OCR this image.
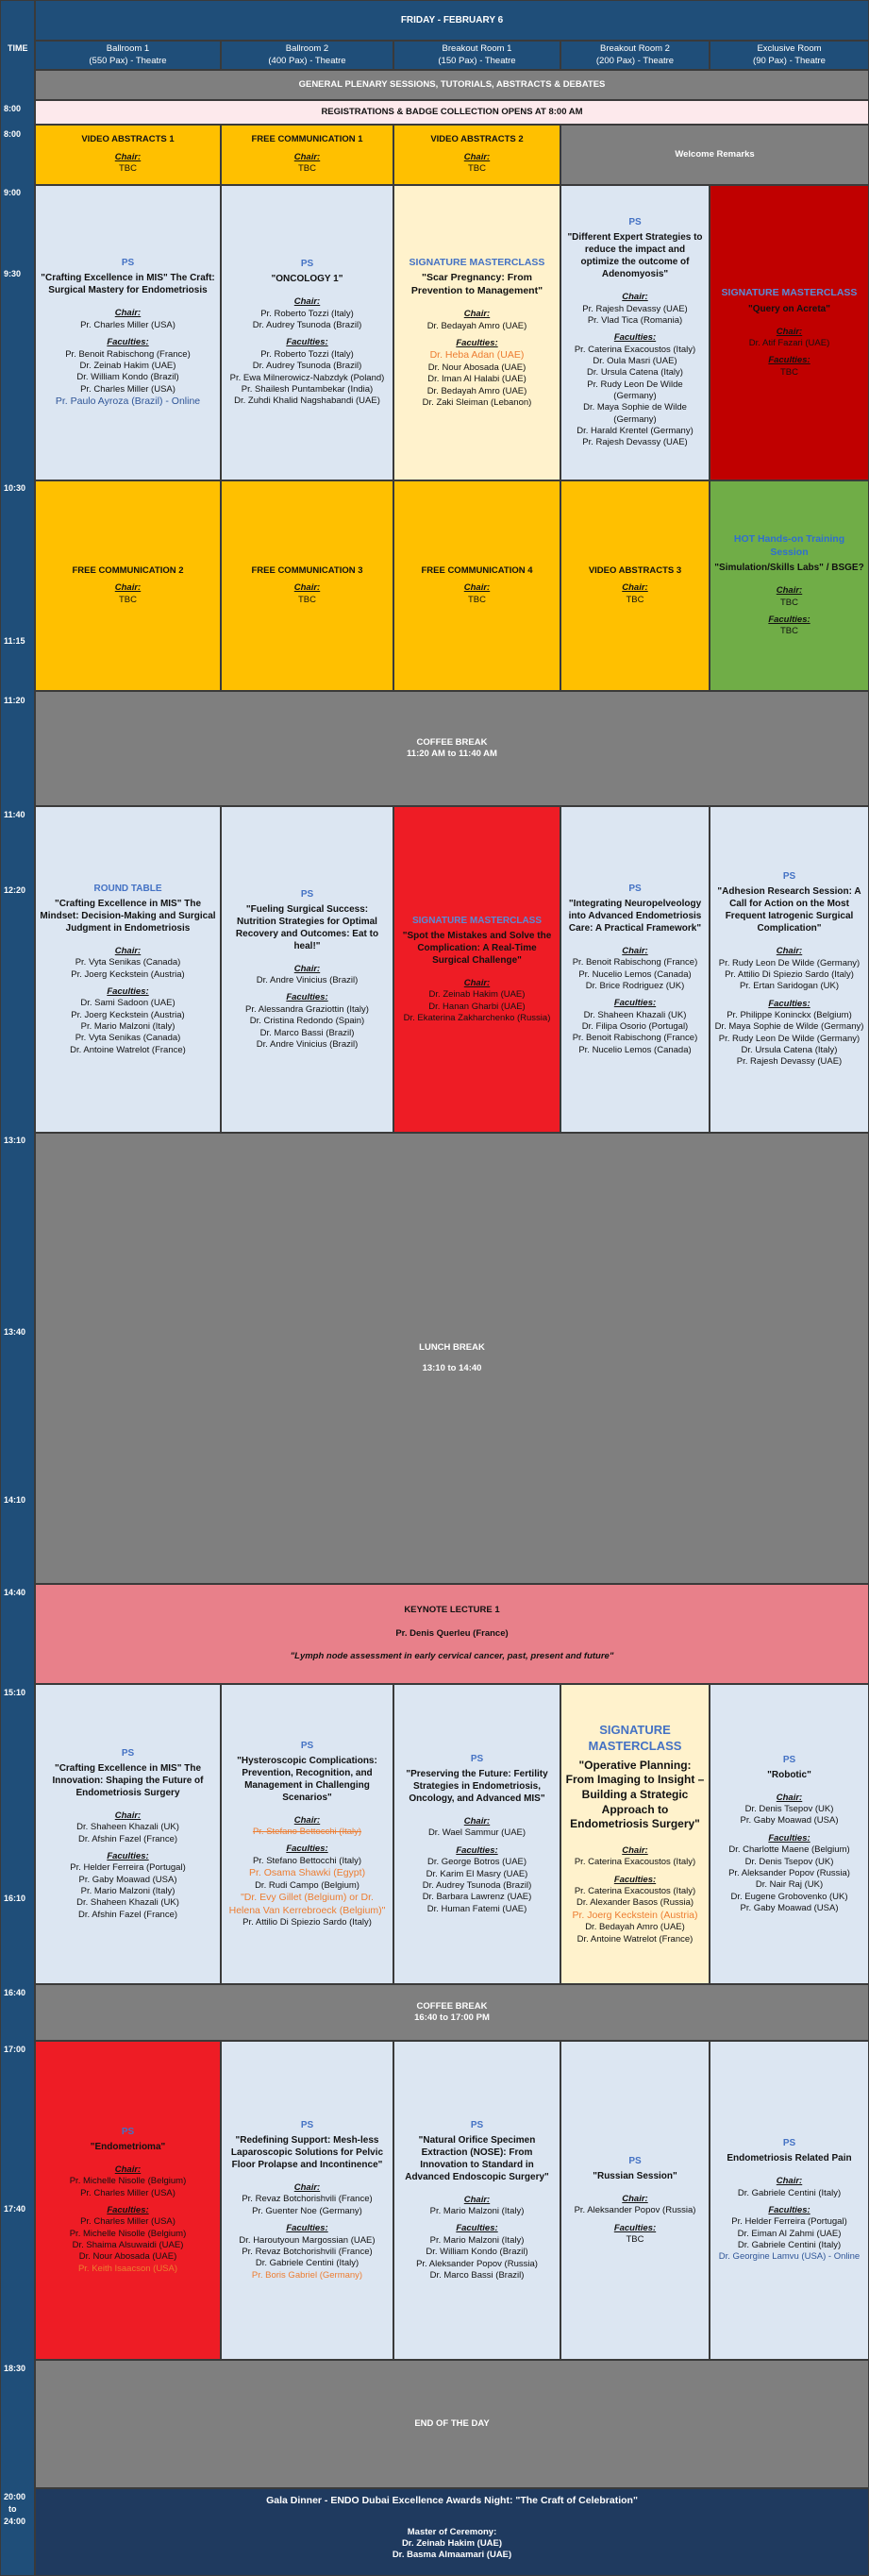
TIME
8:00
8:00
9:00
9:30
10:30
11:15
11:20
11:40
12:20
13:10
13:40
14:10
14:40
15:10
16:10
16:40
17:00
17:40
18:30
20:00
to
24:00
FRIDAY - FEBRUARY 6
Ballroom 1
(550 Pax) - Theatre
Ballroom 2
(400 Pax) - Theatre
Breakout Room 1
(150 Pax) - Theatre
Breakout Room 2
(200 Pax) - Theatre
Exclusive Room
(90 Pax) - Theatre
GENERAL PLENARY SESSIONS, TUTORIALS, ABSTRACTS & DEBATES
REGISTRATIONS & BADGE COLLECTION OPENS AT 8:00 AM
VIDEO ABSTRACTS 1
Chair:
TBC
FREE COMMUNICATION 1
Chair:
TBC
VIDEO ABSTRACTS 2
Chair:
TBC
Welcome Remarks
PS
"Crafting Excellence in MIS" The Craft: Surgical Mastery for Endometriosis
Chair:
Pr. Charles Miller (USA)
Faculties:
Pr. Benoit Rabischong (France)
Dr. Zeinab Hakim (UAE)
Dr. William Kondo (Brazil)
Pr. Charles Miller (USA)
Pr. Paulo Ayroza (Brazil) - Online
PS
"ONCOLOGY 1"
Chair:
Pr. Roberto Tozzi (Italy)
Dr. Audrey Tsunoda (Brazil)
Faculties:
Pr. Roberto Tozzi (Italy)
Dr. Audrey Tsunoda (Brazil)
Pr. Ewa Milnerowicz-Nabzdyk (Poland)
Pr. Shailesh Puntambekar (India)
Dr. Zuhdi Khalid Nagshabandi (UAE)
SIGNATURE MASTERCLASS
"Scar Pregnancy: From Prevention to Management"
Chair:
Dr. Bedayah Amro (UAE)
Faculties:
Dr. Heba Adan (UAE)
Dr. Nour Abosada (UAE)
Dr. Iman Al Halabi (UAE)
Dr. Bedayah Amro (UAE)
Dr. Zaki Sleiman (Lebanon)
PS
"Different Expert Strategies to reduce the impact and optimize the outcome of Adenomyosis"
Chair:
Pr. Rajesh Devassy (UAE)
Pr. Vlad Tica (Romania)
Faculties:
Pr. Caterina Exacoustos (Italy)
Dr. Oula Masri (UAE)
Dr. Ursula Catena (Italy)
Pr. Rudy Leon De Wilde (Germany)
Dr. Maya Sophie de Wilde (Germany)
Dr. Harald Krentel (Germany)
Pr. Rajesh Devassy (UAE)
SIGNATURE MASTERCLASS
"Query on Acreta"
Chair:
Dr. Atif Fazari (UAE)
Faculties:
TBC
FREE COMMUNICATION 2
Chair:
TBC
FREE COMMUNICATION 3
Chair:
TBC
FREE COMMUNICATION 4
Chair:
TBC
VIDEO ABSTRACTS 3
Chair:
TBC
HOT Hands-on Training Session
"Simulation/Skills Labs" / BSGE?
Chair:
TBC
Faculties:
TBC
COFFEE BREAK
11:20 AM to 11:40 AM
ROUND TABLE
"Crafting Excellence in MIS" The Mindset: Decision-Making and Surgical Judgment in Endometriosis
Chair:
Pr. Vyta Senikas (Canada)
Pr. Joerg Keckstein (Austria)
Faculties:
Dr. Sami Sadoon (UAE)
Pr. Joerg Keckstein (Austria)
Pr. Mario Malzoni (Italy)
Pr. Vyta Senikas (Canada)
Dr. Antoine Watrelot (France)
PS
"Fueling Surgical Success: Nutrition Strategies for Optimal Recovery and Outcomes: Eat to heal!"
Chair:
Dr. Andre Vinicius (Brazil)
Faculties:
Pr. Alessandra Graziottin (Italy)
Dr. Cristina Redondo (Spain)
Dr. Marco Bassi (Brazil)
Dr. Andre Vinicius (Brazil)
SIGNATURE MASTERCLASS
"Spot the Mistakes and Solve the Complication: A Real-Time Surgical Challenge"
Chair:
Dr. Zeinab Hakim (UAE)
Dr. Hanan Gharbi (UAE)
Dr. Ekaterina Zakharchenko (Russia)
PS
"Integrating Neuropelveology into Advanced Endometriosis Care: A Practical Framework"
Chair:
Pr. Benoit Rabischong (France)
Pr. Nucelio Lemos (Canada)
Dr. Brice Rodriguez (UK)
Faculties:
Dr. Shaheen Khazali (UK)
Dr. Filipa Osorio (Portugal)
Pr. Benoit Rabischong (France)
Pr. Nucelio Lemos (Canada)
PS
"Adhesion Research Session: A Call for Action on the Most Frequent Iatrogenic Surgical Complication"
Chair:
Pr. Rudy Leon De Wilde (Germany)
Pr. Attilio Di Spiezio Sardo (Italy)
Pr. Ertan Saridogan (UK)
Faculties:
Pr. Philippe Koninckx (Belgium)
Dr. Maya Sophie de Wilde (Germany)
Pr. Rudy Leon De Wilde (Germany)
Dr. Ursula Catena (Italy)
Pr. Rajesh Devassy (UAE)
LUNCH BREAK
13:10 to 14:40
KEYNOTE LECTURE 1
Pr. Denis Querleu (France)
"Lymph node assessment in early cervical cancer, past, present and future"
PS
"Crafting Excellence in MIS" The Innovation: Shaping the Future of Endometriosis Surgery
Chair:
Dr. Shaheen Khazali (UK)
Dr. Afshin Fazel (France)
Faculties:
Pr. Helder Ferreira (Portugal)
Pr. Gaby Moawad (USA)
Pr. Mario Malzoni (Italy)
Dr. Shaheen Khazali (UK)
Dr. Afshin Fazel (France)
PS
"Hysteroscopic Complications: Prevention, Recognition, and Management in Challenging Scenarios"
Chair:
Pr. Stefano Bettocchi (Italy)
Faculties:
Pr. Stefano Bettocchi (Italy)
Pr. Osama Shawki (Egypt)
Dr. Rudi Campo (Belgium)
"Dr. Evy Gillet (Belgium) or Dr. Helena Van Kerrebroeck (Belgium)"
Pr. Attilio Di Spiezio Sardo (Italy)
PS
"Preserving the Future: Fertility Strategies in Endometriosis, Oncology, and Advanced MIS"
Chair:
Dr. Wael Sammur (UAE)
Faculties:
Dr. George Botros (UAE)
Dr. Karim El Masry (UAE)
Dr. Audrey Tsunoda (Brazil)
Dr. Barbara Lawrenz (UAE)
Dr. Human Fatemi (UAE)
SIGNATURE MASTERCLASS
"Operative Planning: From Imaging to Insight – Building a Strategic Approach to Endometriosis Surgery"
Chair:
Pr. Caterina Exacoustos (Italy)
Faculties:
Pr. Caterina Exacoustos (Italy)
Dr. Alexander Basos (Russia)
Pr. Joerg Keckstein (Austria)
Dr. Bedayah Amro (UAE)
Dr. Antoine Watrelot (France)
PS
"Robotic"
Chair:
Dr. Denis Tsepov (UK)
Pr. Gaby Moawad (USA)
Faculties:
Dr. Charlotte Maene (Belgium)
Dr. Denis Tsepov (UK)
Pr. Aleksander Popov (Russia)
Dr. Nair Raj (UK)
Dr. Eugene Grobovenko (UK)
Pr. Gaby Moawad (USA)
COFFEE BREAK
16:40 to 17:00 PM
PS
"Endometrioma"
Chair:
Pr. Michelle Nisolle (Belgium)
Pr. Charles Miller (USA)
Faculties:
Pr. Charles Miller (USA)
Pr. Michelle Nisolle (Belgium)
Dr. Shaima Alsuwaidi (UAE)
Dr. Nour Abosada (UAE)
Pr. Keith Isaacson (USA)
PS
"Redefining Support: Mesh-less Laparoscopic Solutions for Pelvic Floor Prolapse and Incontinence"
Chair:
Pr. Revaz Botchorishvili (France)
Pr. Guenter Noe (Germany)
Faculties:
Dr. Haroutyoun Margossian (UAE)
Pr. Revaz Botchorishvili (France)
Dr. Gabriele Centini (Italy)
Pr. Boris Gabriel (Germany)
PS
"Natural Orifice Specimen Extraction (NOSE): From Innovation to Standard in Advanced Endoscopic Surgery"
Chair:
Pr. Mario Malzoni (Italy)
Faculties:
Pr. Mario Malzoni (Italy)
Dr. William Kondo (Brazil)
Pr. Aleksander Popov (Russia)
Dr. Marco Bassi (Brazil)
PS
"Russian Session"
Chair:
Pr. Aleksander Popov (Russia)
Faculties:
TBC
PS
Endometriosis Related Pain
Chair:
Dr. Gabriele Centini (Italy)
Faculties:
Pr. Helder Ferreira (Portugal)
Dr. Eiman Al Zahmi (UAE)
Dr. Gabriele Centini (Italy)
Dr. Georgine Lamvu (USA) - Online
END OF THE DAY
Gala Dinner - ENDO Dubai Excellence Awards Night: "The Craft of Celebration"
Master of Ceremony:
Dr. Zeinab Hakim (UAE)
Dr. Basma Almaamari (UAE)
